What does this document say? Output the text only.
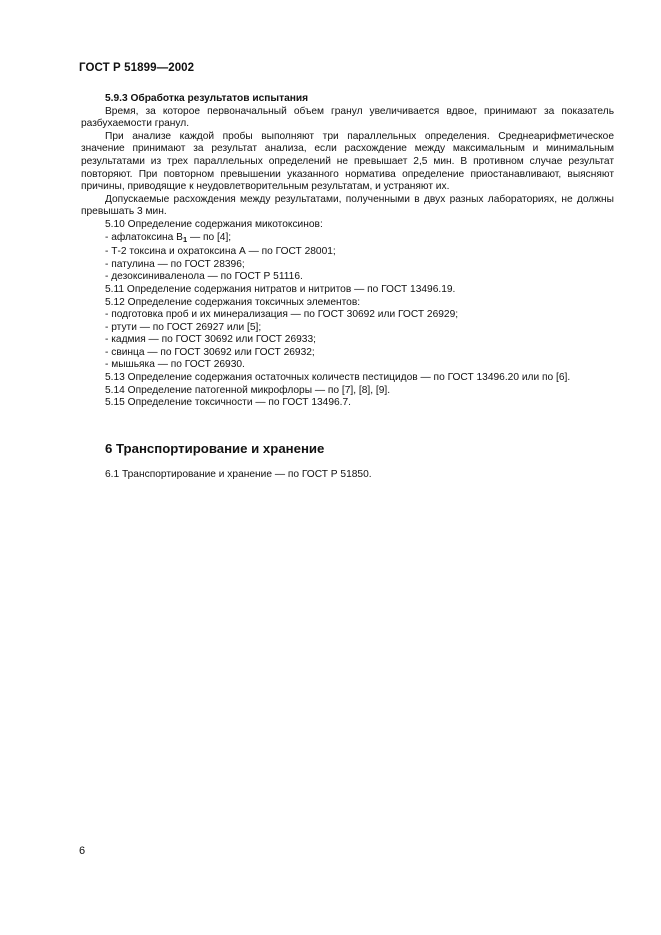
ГОСТ Р 51899—2002

5.9.3 Обработка результатов испытания

Время, за которое первоначальный объем гранул увеличивается вдвое, принимают за показатель разбухаемости гранул.

При анализе каждой пробы выполняют три параллельных определения. Среднеарифметическое значение принимают за результат анализа, если расхождение между максимальным и минимальным результатами из трех параллельных определений не превышает 2,5 мин. В противном случае результат повторяют. При повторном превышении указанного норматива определение приостанавливают, выясняют причины, приводящие к неудовлетворительным результатам, и устраняют их.

Допускаемые расхождения между результатами, полученными в двух разных лабораториях, не должны превышать 3 мин.

5.10 Определение содержания микотоксинов:

- афлатоксина $В_1$ — по [4];

- Т-2 токсина и охратоксина А — по ГОСТ 28001;

- патулина — по ГОСТ 28396;

- дезоксиниваленола — по ГОСТ Р 51116.

5.11 Определение содержания нитратов и нитритов — по ГОСТ 13496.19.

5.12 Определение содержания токсичных элементов:

- подготовка проб и их минерализация — по ГОСТ 30692 или ГОСТ 26929;

- ртути — по ГОСТ 26927 или [5];

- кадмия — по ГОСТ 30692 или ГОСТ 26933;

- свинца — по ГОСТ 30692 или ГОСТ 26932;

- мышьяка — по ГОСТ 26930.

5.13 Определение содержания остаточных количеств пестицидов — по ГОСТ 13496.20 или по [6].

5.14 Определение патогенной микрофлоры — по [7], [8], [9].

5.15 Определение токсичности — по ГОСТ 13496.7.

6 Транспортирование и хранение
6.1 Транспортирование и хранение — по ГОСТ Р 51850.
6
